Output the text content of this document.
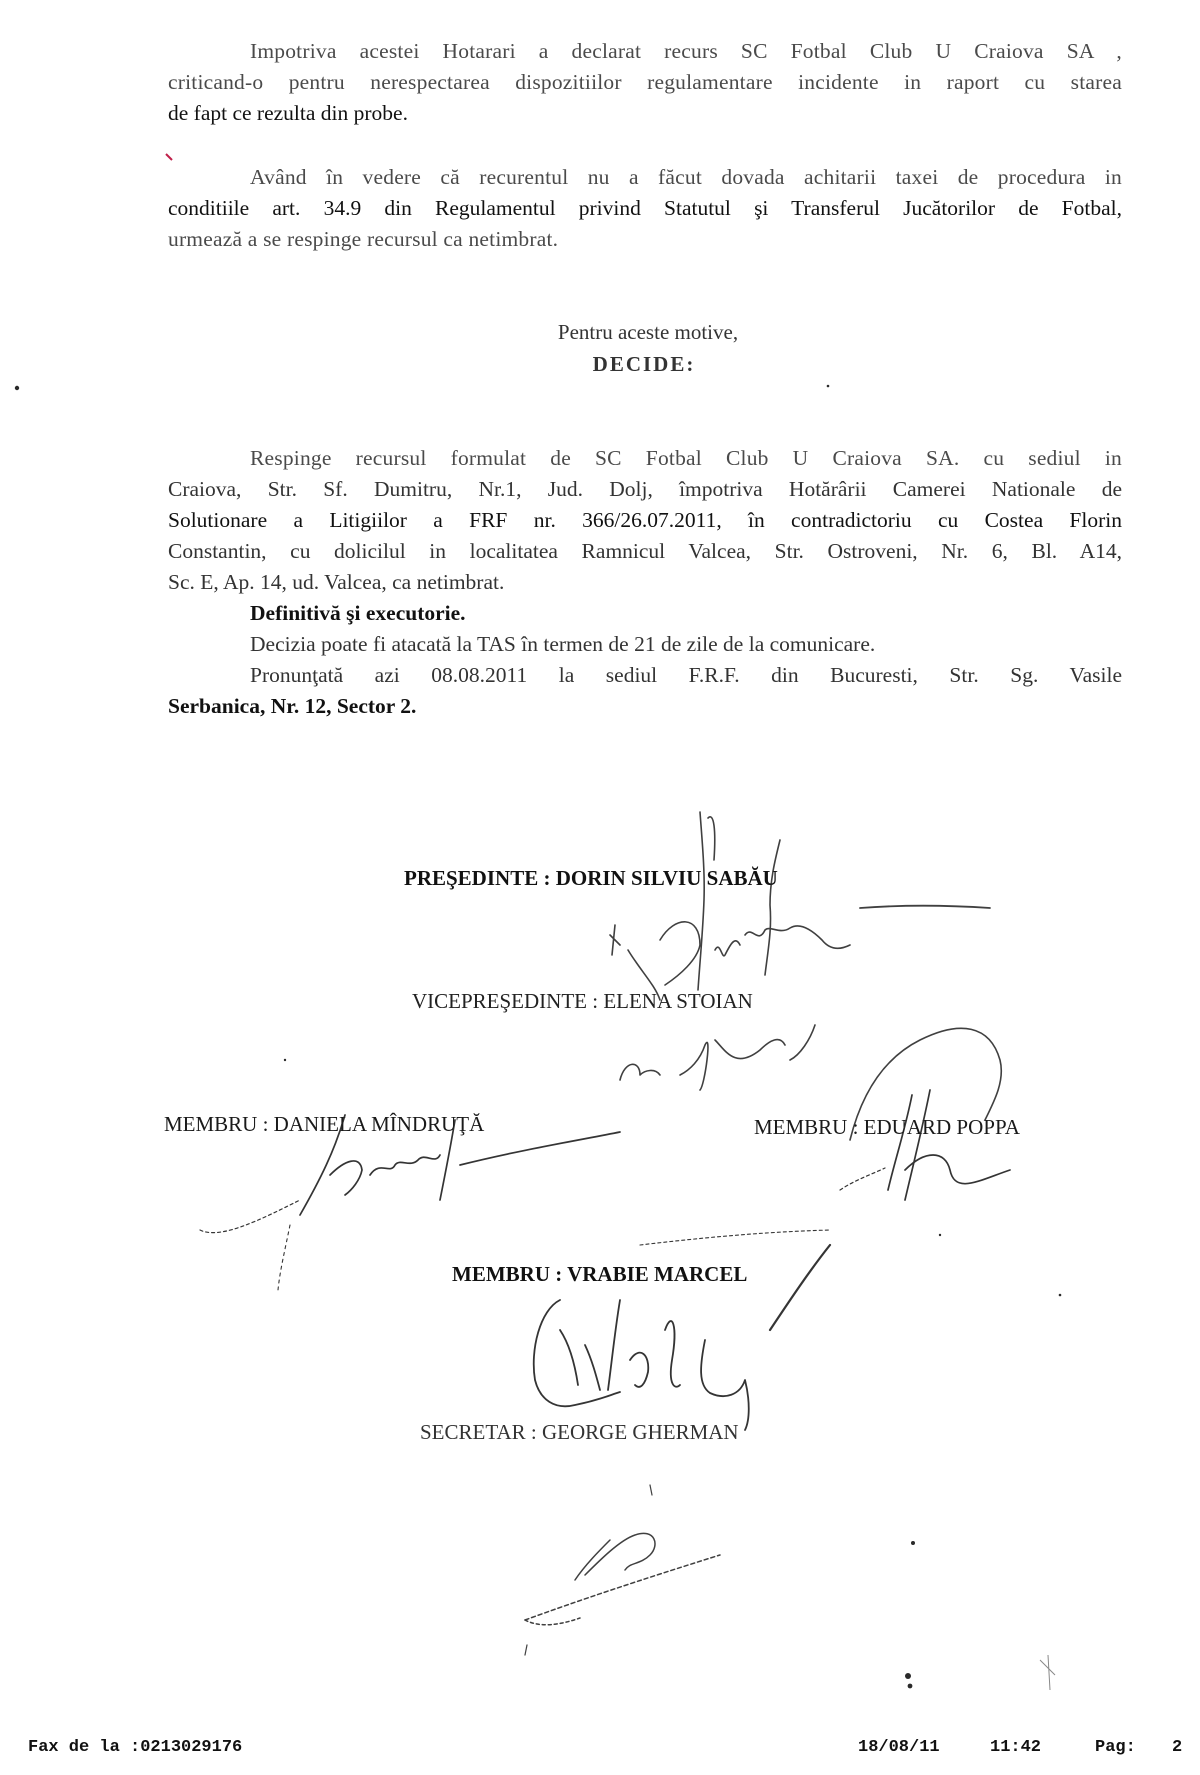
Impotriva acestei Hotarari a declarat recurs SC Fotbal Club U Craiova SA ,
criticand-o pentru nerespectarea dispozitiilor regulamentare incidente in raport cu starea
de fapt ce rezulta din probe.
Având în vedere că recurentul nu a făcut dovada achitarii taxei de procedura in
conditiile art. 34.9 din Regulamentul privind Statutul şi Transferul Jucătorilor de Fotbal,
urmează a se respinge recursul ca netimbrat.
Pentru aceste motive,
DECIDE:
Respinge recursul formulat de SC Fotbal Club U Craiova SA. cu sediul in
Craiova, Str. Sf. Dumitru, Nr.1, Jud. Dolj, împotriva Hotărârii Camerei Nationale de
Solutionare a Litigiilor a FRF nr. 366/26.07.2011, în contradictoriu cu Costea Florin
Constantin, cu dolicilul in localitatea Ramnicul Valcea, Str. Ostroveni, Nr. 6, Bl. A14,
Sc. E, Ap. 14, ud. Valcea, ca netimbrat.
Definitivă şi executorie.
Decizia poate fi atacată la TAS în termen de 21 de zile de la comunicare.
Pronunţată azi 08.08.2011 la sediul F.R.F. din Bucuresti, Str. Sg. Vasile
Serbanica, Nr. 12, Sector 2.
PREŞEDINTE : DORIN SILVIU SABĂU
VICEPREŞEDINTE : ELENA STOIAN
MEMBRU : DANIELA MÎNDRUŢĂ	MEMBRU : EDUARD POPPA
MEMBRU : VRABIE MARCEL
SECRETAR : GEORGE GHERMAN
Fax de la :0213029176	18/08/11	11:42	Pag: 2
